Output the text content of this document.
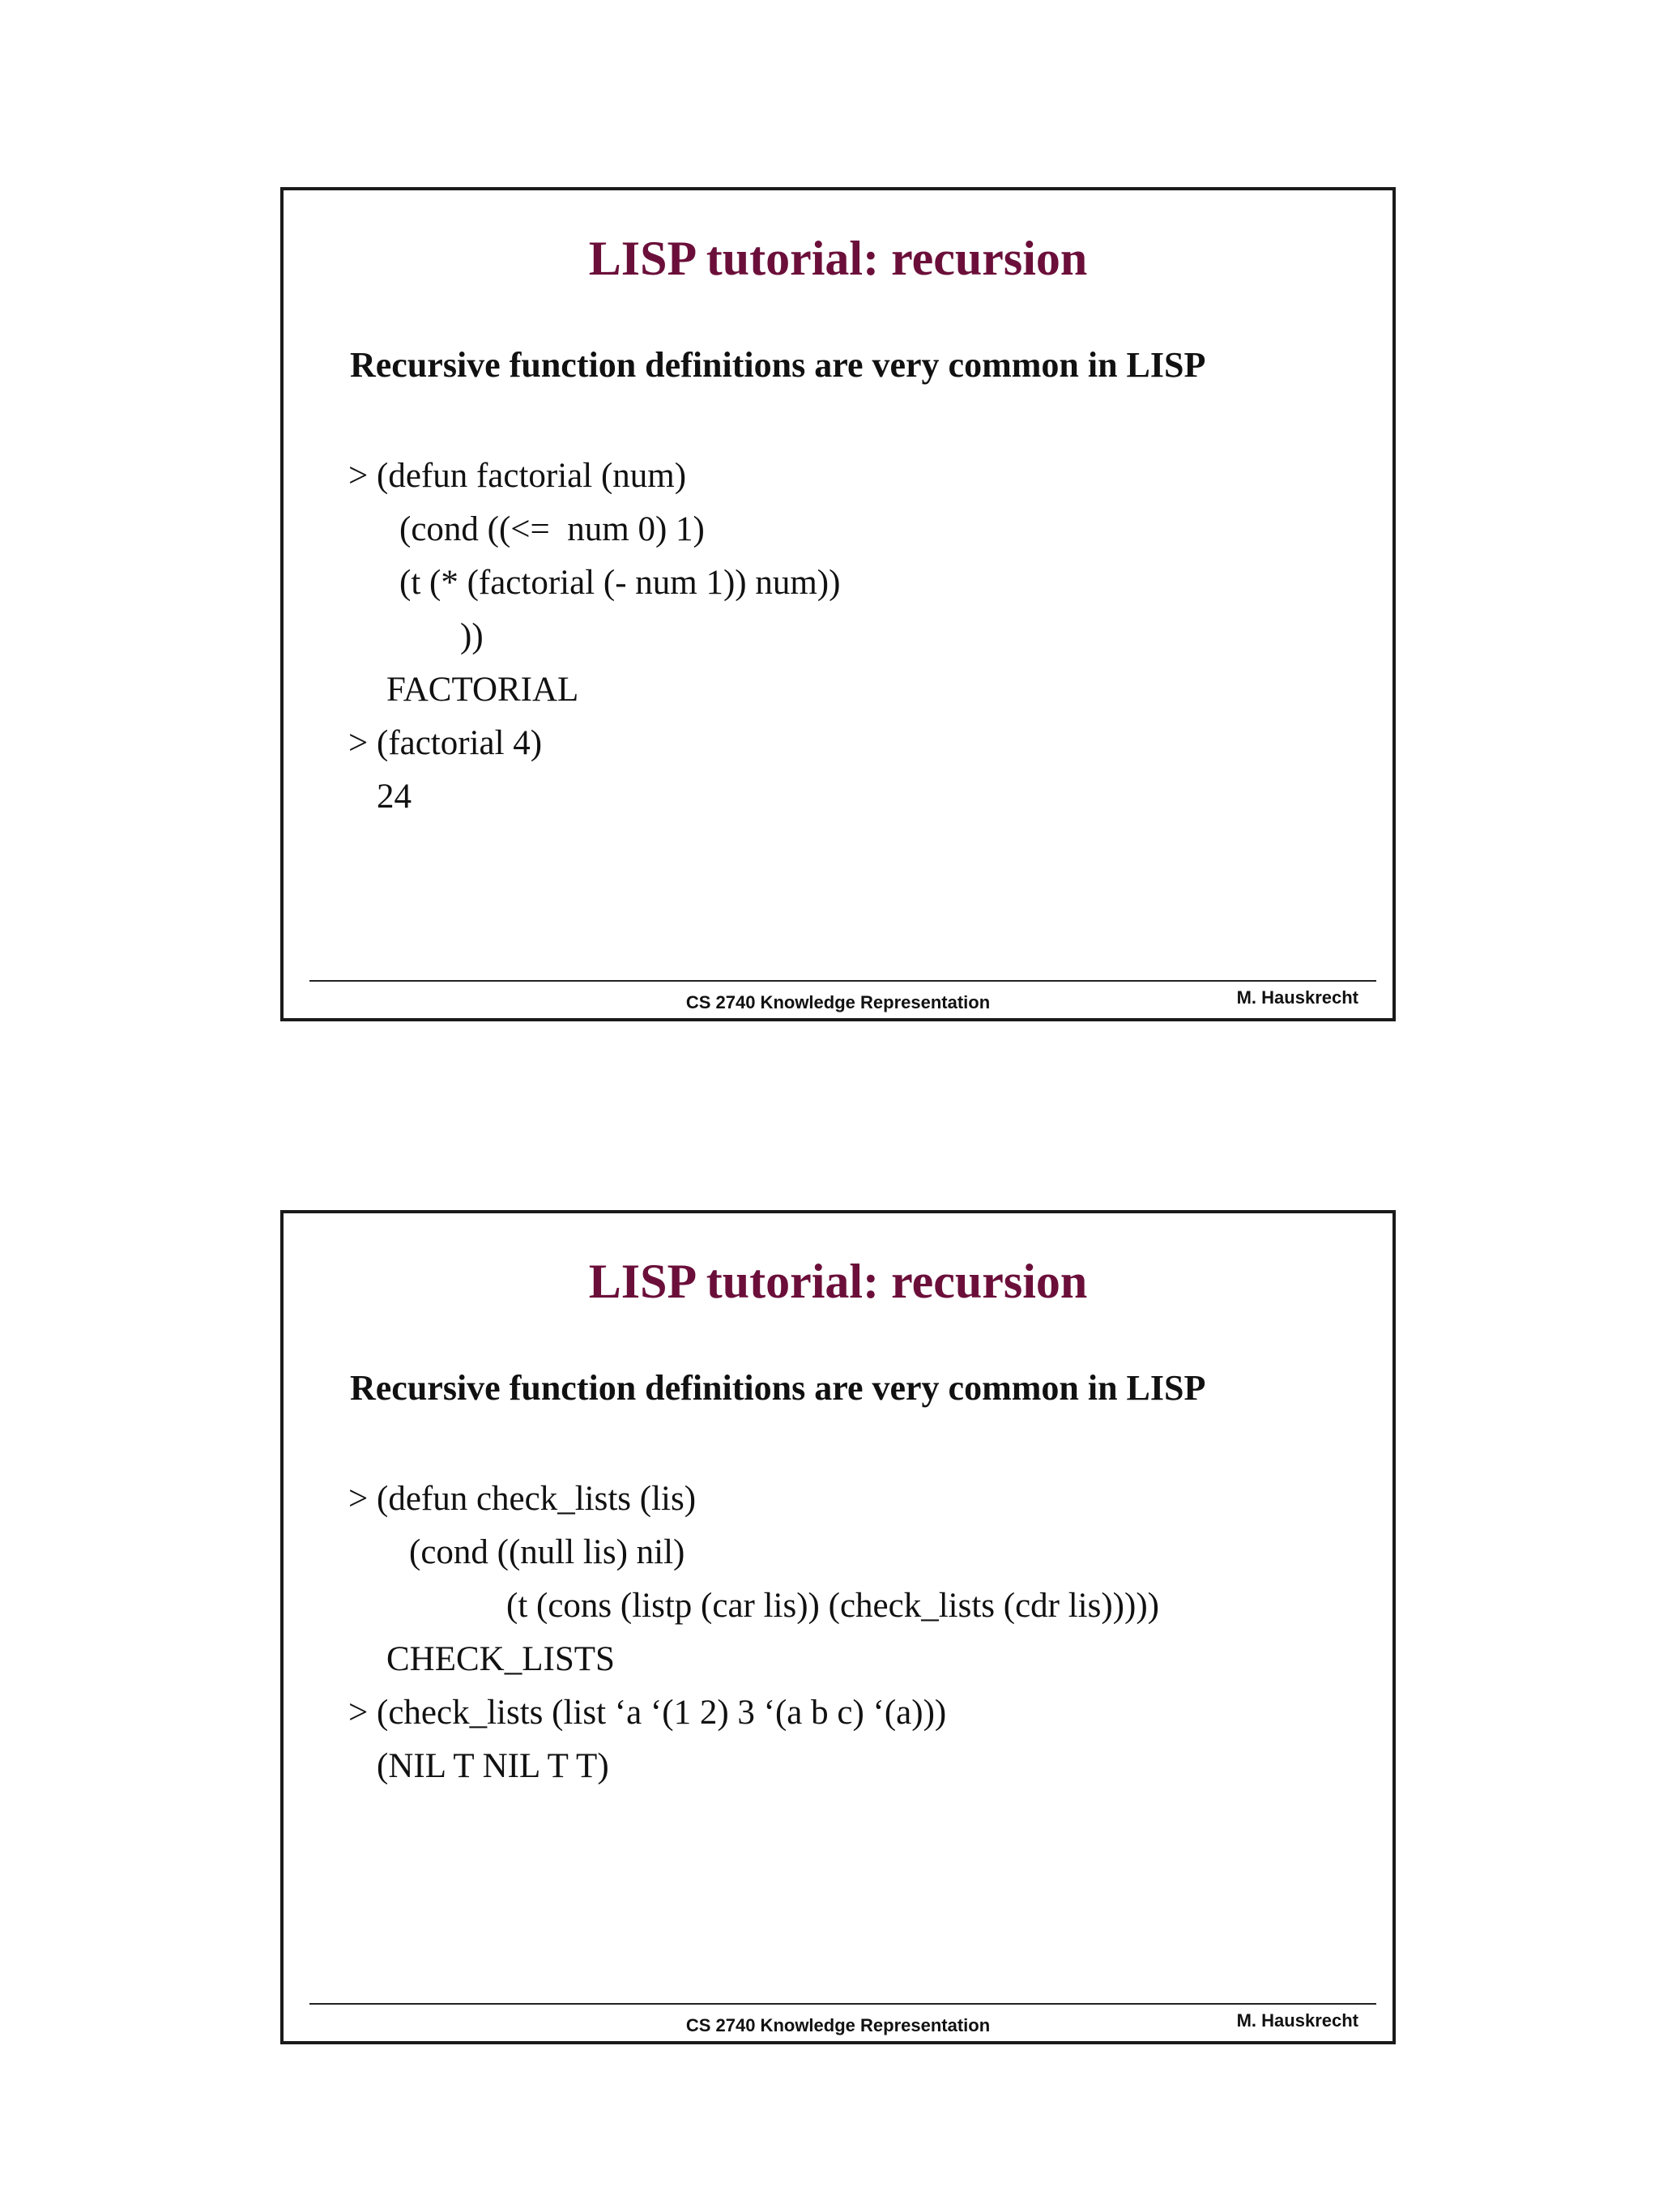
LISP tutorial: recursion

Recursive function definitions are very common in LISP

> (defun factorial (num)

(cond ((<=  num 0) 1)

(t (* (factorial (- num 1)) num))

))

FACTORIAL

> (factorial 4)

24

CS 2740 Knowledge Representation	M. Hauskrecht

LISP tutorial: recursion

Recursive function definitions are very common in LISP

> (defun check_lists (lis)

(cond ((null lis) nil)

(t (cons (listp (car lis)) (check_lists (cdr lis)))))

CHECK_LISTS

> (check_lists (list ‘a ‘(1 2) 3 ‘(a b c) ‘(a)))

(NIL T NIL T T)

CS 2740 Knowledge Representation	M. Hauskrecht
